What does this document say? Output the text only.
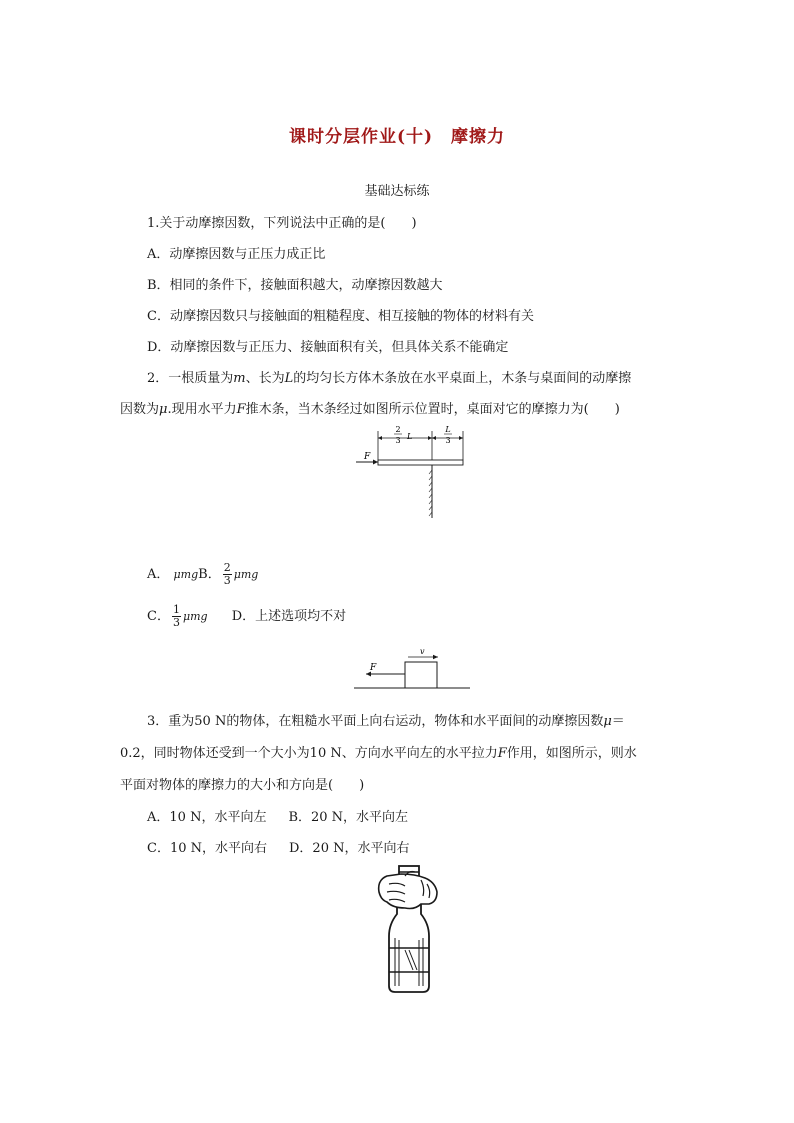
课时分层作业(十)　摩擦力
基础达标练
1.关于动摩擦因数，下列说法中正确的是(　　)
A．动摩擦因数与正压力成正比
B．相同的条件下，接触面积越大，动摩擦因数越大
C．动摩擦因数只与接触面的粗糙程度、相互接触的物体的材料有关
D．动摩擦因数与正压力、接触面积有关，但具体关系不能确定
2．一根质量为m、长为L的均匀长方体木条放在水平桌面上，木条与桌面间的动摩擦
因数为μ.现用水平力F推木条，当木条经过如图所示位置时，桌面对它的摩擦力为(　　)
2
3 L
L
3
F
A． μmgB． $\frac{2}{3}$ μmg
C． $\frac{1}{3}$ μmg D．上述选项均不对
v
F
3．重为50 N的物体，在粗糙水平面上向右运动，物体和水平面间的动摩擦因数μ＝
0.2，同时物体还受到一个大小为10 N、方向水平向左的水平拉力F作用，如图所示，则水
平面对物体的摩擦力的大小和方向是(　　)
A．10 N，水平向左 B．20 N，水平向左
C．10 N，水平向右 D．20 N，水平向右
